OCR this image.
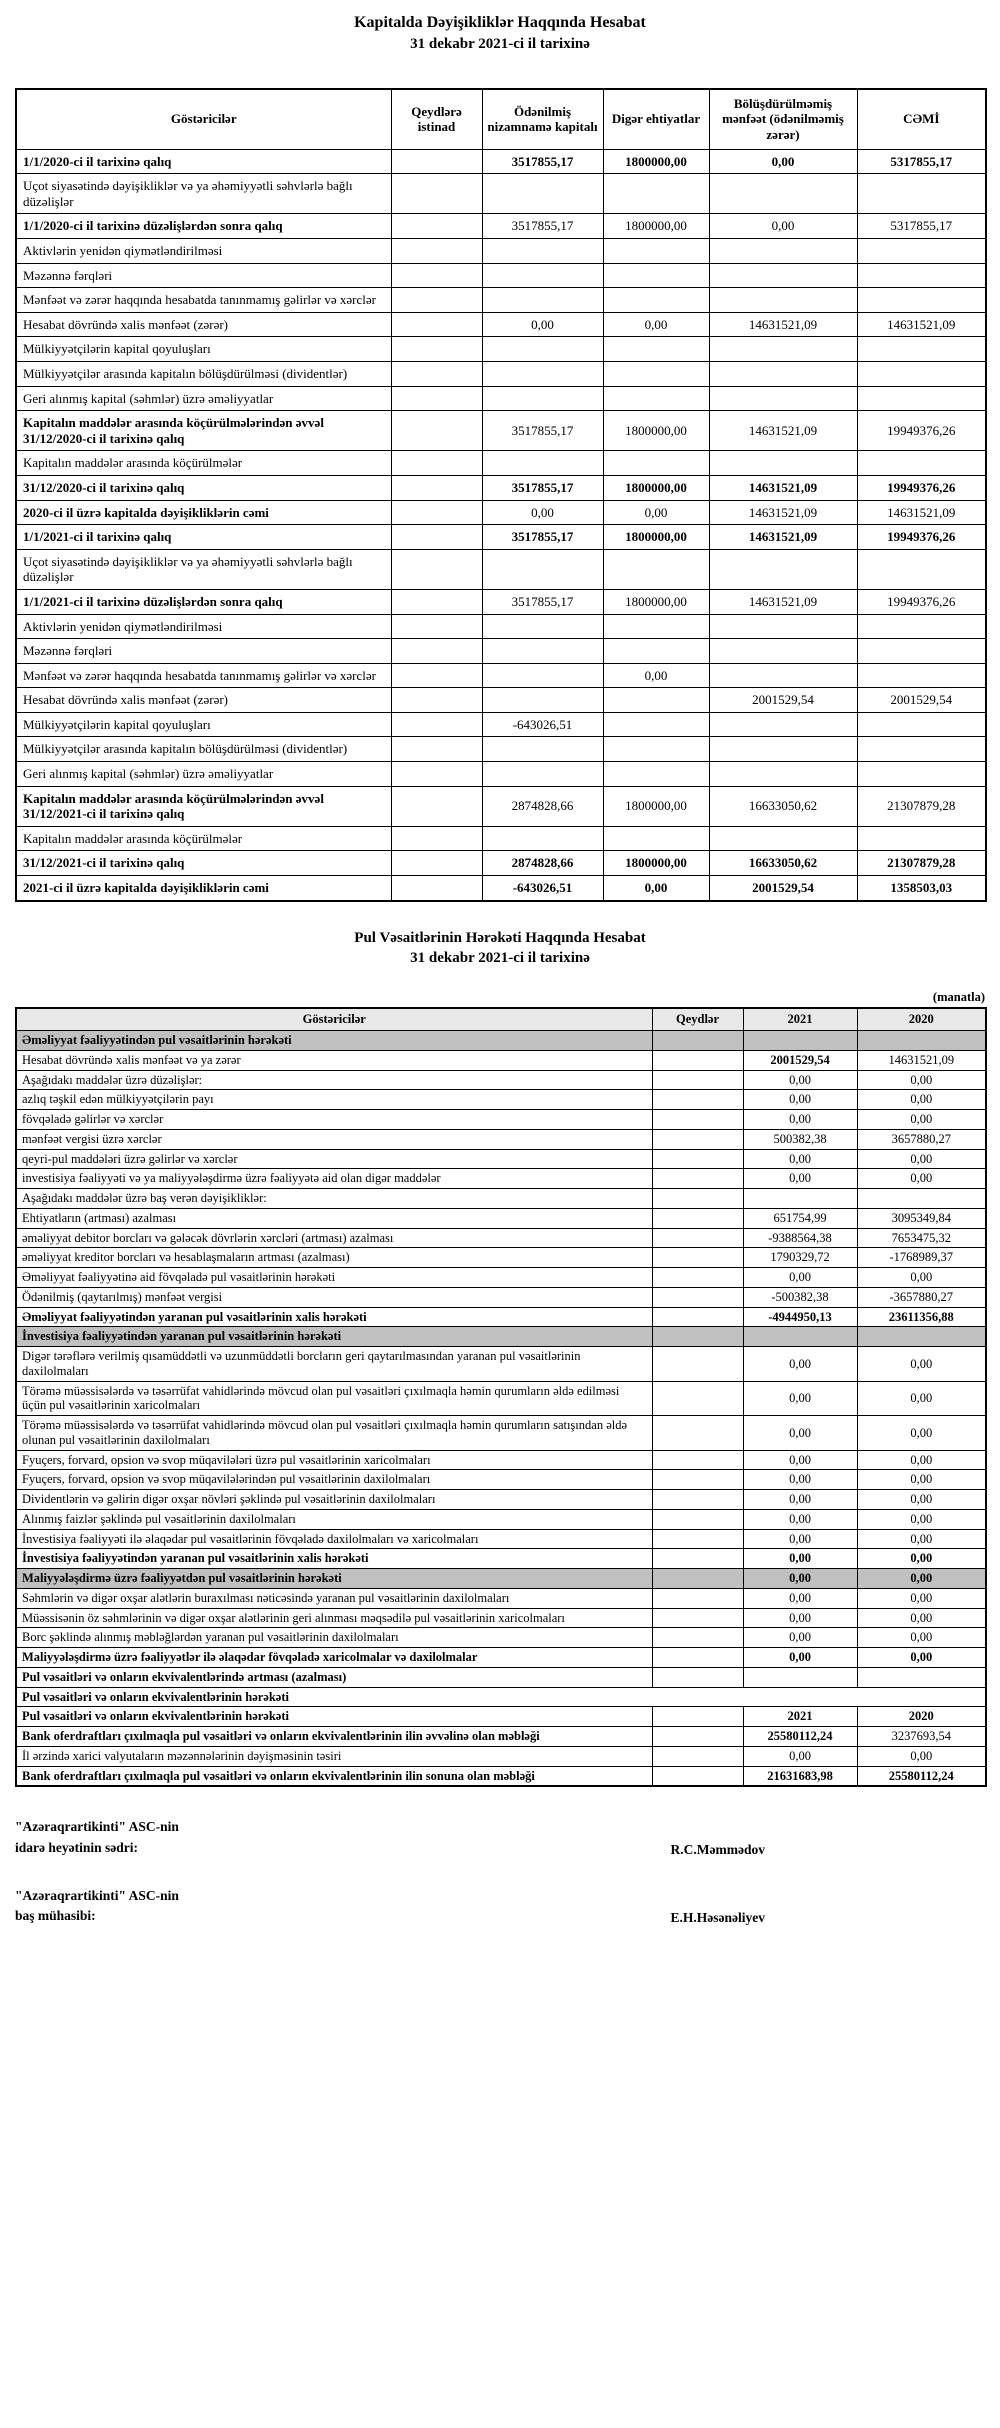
Kapitalda Dəyişikliklər Haqqında Hesabat
31 dekabr 2021-ci il tarixinə
Göstəricilər	Qeydlərə istinad	Ödənilmiş nizamnamə kapitalı	Digər ehtiyatlar	Bölüşdürülməmiş mənfəət (ödənilməmiş zərər)	CƏMİ
1/1/2020-ci il tarixinə qalıq		3517855,17	1800000,00	0,00	5317855,17
Uçot siyasətində dəyişikliklər və ya əhəmiyyətli səhvlərlə bağlı düzəlişlər					
1/1/2020-ci il tarixinə düzəlişlərdən sonra qalıq		3517855,17	1800000,00	0,00	5317855,17
Aktivlərin yenidən qiymətləndirilməsi					
Məzənnə fərqləri					
Mənfəət və zərər haqqında hesabatda tanınmamış gəlirlər və xərclər					
Hesabat dövründə xalis mənfəət (zərər)		0,00	0,00	14631521,09	14631521,09
Mülkiyyətçilərin kapital qoyuluşları					
Mülkiyyətçilər arasında kapitalın bölüşdürülməsi (dividentlər)					
Geri alınmış kapital (səhmlər) üzrə əməliyyatlar					
Kapitalın maddələr arasında köçürülmələrindən əvvəl 31/12/2020-ci il tarixinə qalıq		3517855,17	1800000,00	14631521,09	19949376,26
Kapitalın maddələr arasında köçürülmələr					
31/12/2020-ci il tarixinə qalıq		3517855,17	1800000,00	14631521,09	19949376,26
2020-ci il üzrə kapitalda dəyişikliklərin cəmi		0,00	0,00	14631521,09	14631521,09
1/1/2021-ci il tarixinə qalıq		3517855,17	1800000,00	14631521,09	19949376,26
Uçot siyasətində dəyişikliklər və ya əhəmiyyətli səhvlərlə bağlı düzəlişlər					
1/1/2021-ci il tarixinə düzəlişlərdən sonra qalıq		3517855,17	1800000,00	14631521,09	19949376,26
Aktivlərin yenidən qiymətləndirilməsi					
Məzənnə fərqləri					
Mənfəət və zərər haqqında hesabatda tanınmamış gəlirlər və xərclər			0,00		
Hesabat dövründə xalis mənfəət (zərər)				2001529,54	2001529,54
Mülkiyyətçilərin kapital qoyuluşları		-643026,51			
Mülkiyyətçilər arasında kapitalın bölüşdürülməsi (dividentlər)					
Geri alınmış kapital (səhmlər) üzrə əməliyyatlar					
Kapitalın maddələr arasında köçürülmələrindən əvvəl 31/12/2021-ci il tarixinə qalıq		2874828,66	1800000,00	16633050,62	21307879,28
Kapitalın maddələr arasında köçürülmələr					
31/12/2021-ci il tarixinə qalıq		2874828,66	1800000,00	16633050,62	21307879,28
2021-ci il üzrə kapitalda dəyişikliklərin cəmi		-643026,51	0,00	2001529,54	1358503,03
Pul Vəsaitlərinin Hərəkəti Haqqında Hesabat
31 dekabr 2021-ci il tarixinə
(manatla)
Göstəricilər	Qeydlər	2021	2020
Əməliyyat fəaliyyətindən pul vəsaitlərinin hərəkəti			
Hesabat dövründə xalis mənfəət və ya zərər		2001529,54	14631521,09
Aşağıdakı maddələr üzrə düzəlişlər:		0,00	0,00
azlıq təşkil edən mülkiyyətçilərin payı		0,00	0,00
fövqəladə gəlirlər və xərclər		0,00	0,00
mənfəət vergisi üzrə xərclər		500382,38	3657880,27
qeyri-pul maddələri üzrə gəlirlər və xərclər		0,00	0,00
investisiya fəaliyyəti və ya maliyyələşdirmə üzrə fəaliyyətə aid olan digər maddələr		0,00	0,00
Aşağıdakı maddələr üzrə baş verən dəyişikliklər:			
Ehtiyatların (artması) azalması		651754,99	3095349,84
əməliyyat debitor borcları və gələcək dövrlərin xərcləri (artması) azalması		-9388564,38	7653475,32
əməliyyat kreditor borcları və hesablaşmaların artması (azalması)		1790329,72	-1768989,37
Əməliyyat fəaliyyətinə aid fövqəladə pul vəsaitlərinin hərəkəti		0,00	0,00
Ödənilmiş (qaytarılmış) mənfəət vergisi		-500382,38	-3657880,27
Əməliyyat fəaliyyətindən yaranan pul vəsaitlərinin xalis hərəkəti		-4944950,13	23611356,88
İnvestisiya fəaliyyətindən yaranan pul vəsaitlərinin hərəkəti			
Digər tərəflərə verilmiş qısamüddətli və uzunmüddətli borcların geri qaytarılmasından yaranan pul vəsaitlərinin daxilolmaları		0,00	0,00
Törəmə müəssisələrdə və təsərrüfat vahidlərində mövcud olan pul vəsaitləri çıxılmaqla həmin qurumların əldə edilməsi üçün pul vəsaitlərinin xaricolmaları		0,00	0,00
Törəmə müəssisələrdə və təsərrüfat vahidlərində mövcud olan pul vəsaitləri çıxılmaqla həmin qurumların satışından əldə olunan pul vəsaitlərinin daxilolmaları		0,00	0,00
Fyuçers, forvard, opsion və svop müqavilələri üzrə pul vəsaitlərinin xaricolmaları		0,00	0,00
Fyuçers, forvard, opsion və svop müqavilələrindən pul vəsaitlərinin daxilolmaları		0,00	0,00
Dividentlərin və gəlirin digər oxşar növləri şəklində pul vəsaitlərinin daxilolmaları		0,00	0,00
Alınmış faizlər şəklində pul vəsaitlərinin daxilolmaları		0,00	0,00
İnvestisiya fəaliyyəti ilə əlaqədar pul vəsaitlərinin fövqəladə daxilolmaları və xaricolmaları		0,00	0,00
İnvestisiya fəaliyyətindən yaranan pul vəsaitlərinin xalis hərəkəti		0,00	0,00
Maliyyələşdirmə üzrə fəaliyyətdən pul vəsaitlərinin hərəkəti		0,00	0,00
Səhmlərin və digər oxşar alətlərin buraxılması nəticəsində yaranan pul vəsaitlərinin daxilolmaları		0,00	0,00
Müəssisənin öz səhmlərinin və digər oxşar alətlərinin geri alınması məqsədilə pul vəsaitlərinin xaricolmaları		0,00	0,00
Borc şəklində alınmış məbləğlərdən yaranan pul vəsaitlərinin daxilolmaları		0,00	0,00
Maliyyələşdirmə üzrə fəaliyyətlər ilə əlaqədar fövqəladə xaricolmalar və daxilolmalar		0,00	0,00
Pul vəsaitləri və onların ekvivalentlərində artması (azalması)			
Pul vəsaitləri və onların ekvivalentlərinin hərəkəti			
Pul vəsaitləri və onların ekvivalentlərinin hərəkəti		2021	2020
Bank oferdraftları çıxılmaqla pul vəsaitləri və onların ekvivalentlərinin ilin əvvəlinə olan məbləği		25580112,24	3237693,54
İl ərzində xarici valyutaların məzənnələrinin dəyişməsinin təsiri		0,00	0,00
Bank oferdraftları çıxılmaqla pul vəsaitləri və onların ekvivalentlərinin ilin sonuna olan məbləği		21631683,98	25580112,24
"Azəraqrartikinti" ASC-nin
idarə heyətinin sədri:	R.C.Məmmədov
"Azəraqrartikinti" ASC-nin
baş mühasibi:	E.H.Həsənəliyev
